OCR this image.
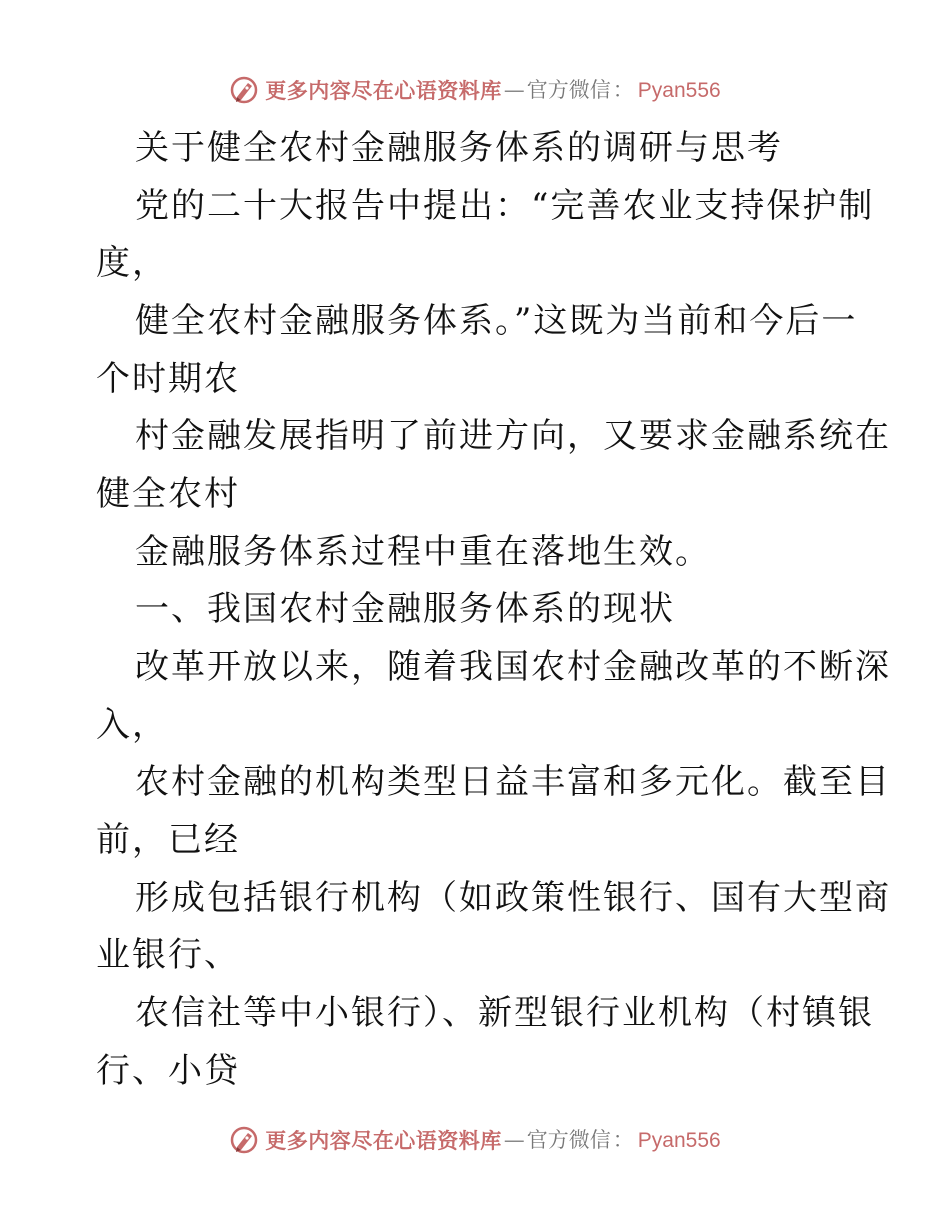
更多内容尽在心语资料库 — 官方微信 ： Pyan556
关于健全农村金融服务体系的调研与思考
党的二十大报告中提出：“完善农业支持保护制
度，
健全农村金融服务体系。”这既为当前和今后一
个时期农
村金融发展指明了前进方向，又要求金融系统在
健全农村
金融服务体系过程中重在落地生效。
一、我国农村金融服务体系的现状
改革开放以来，随着我国农村金融改革的不断深
入，
农村金融的机构类型日益丰富和多元化。截至目
前，已经
形成包括银行机构（如政策性银行、国有大型商
业银行、
农信社等中小银行）、新型银行业机构（村镇银
行、小贷
更多内容尽在心语资料库 — 官方微信 ： Pyan556
